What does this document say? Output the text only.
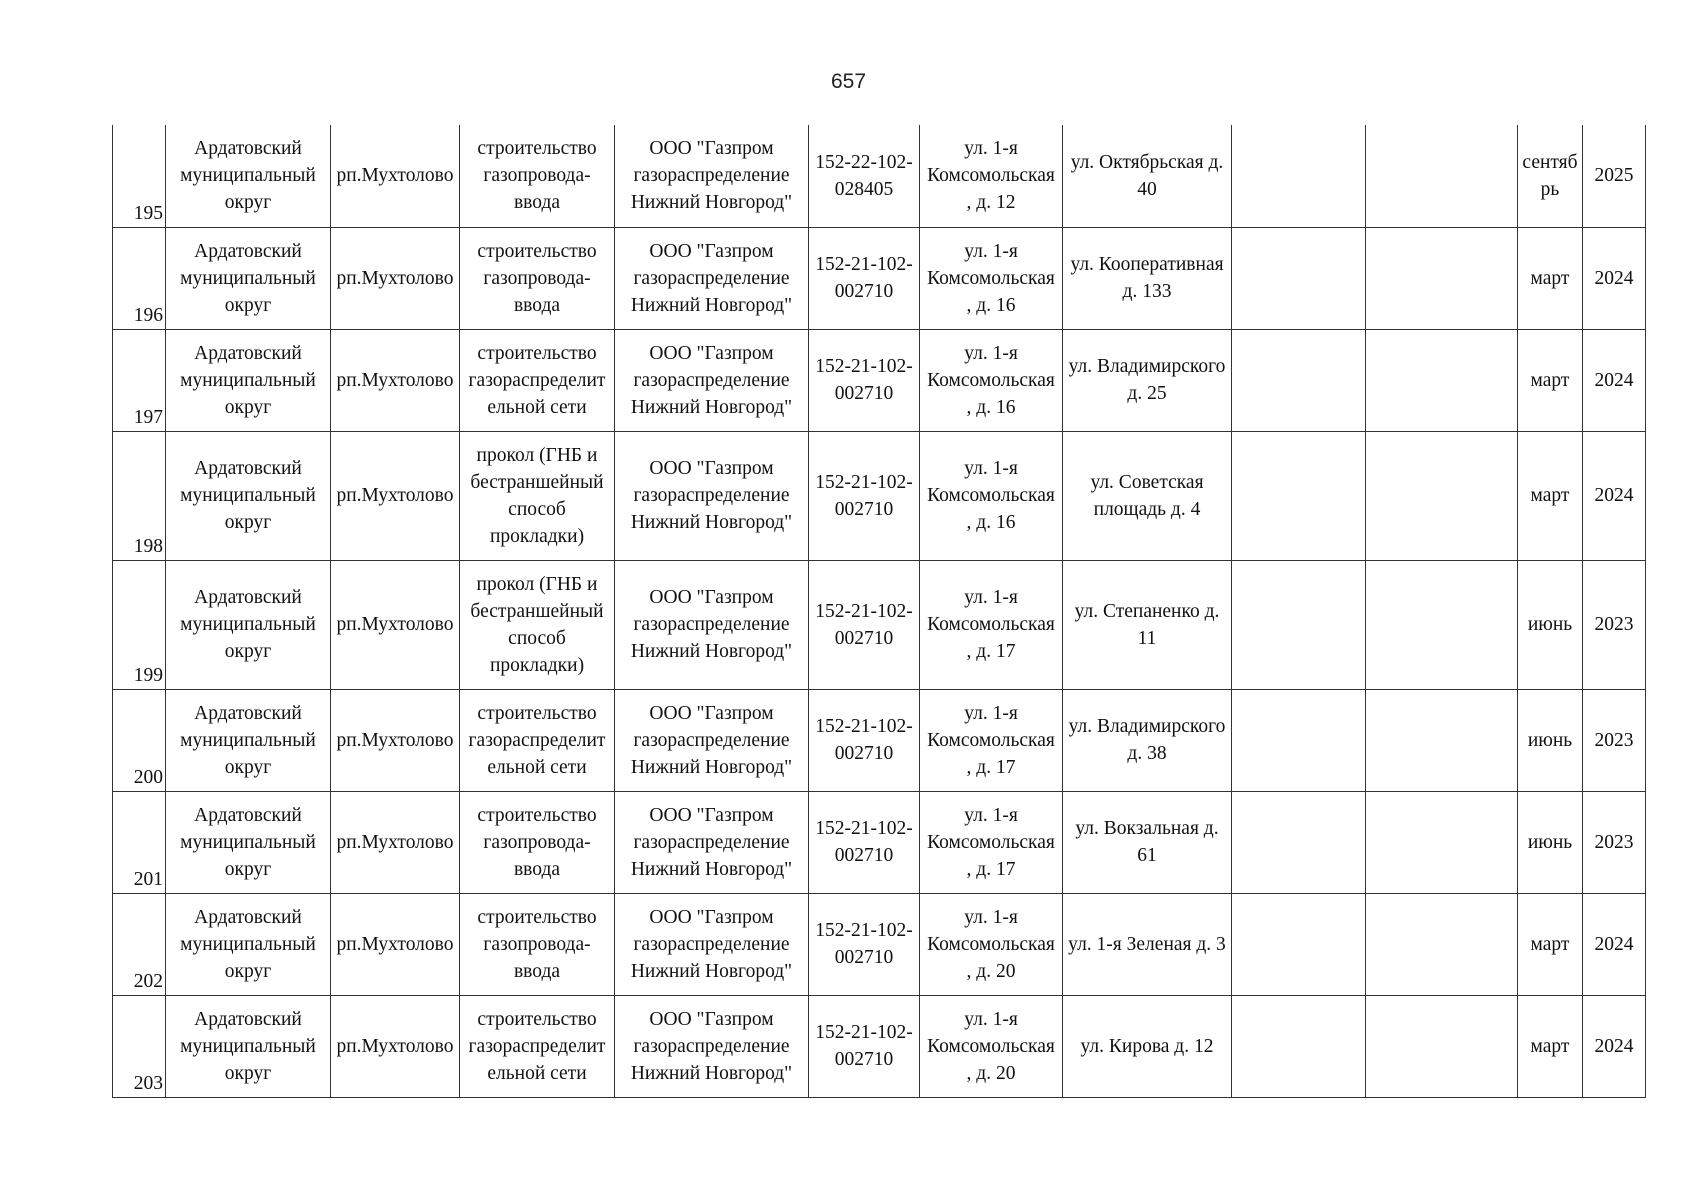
657
195	Ардатовский
муниципальный
округ	рп.Мухтолово	строительство
газопровода-
ввода	ООО "Газпром
газораспределение
Нижний Новгород"	152-22-102-
028405	ул. 1-я
Комсомольская
, д. 12	ул. Октябрьская д.
40			сентяб
рь	2025
196	Ардатовский
муниципальный
округ	рп.Мухтолово	строительство
газопровода-
ввода	ООО "Газпром
газораспределение
Нижний Новгород"	152-21-102-
002710	ул. 1-я
Комсомольская
, д. 16	ул. Кооперативная
д. 133			март	2024
197	Ардатовский
муниципальный
округ	рп.Мухтолово	строительство
газораспределит
ельной сети	ООО "Газпром
газораспределение
Нижний Новгород"	152-21-102-
002710	ул. 1-я
Комсомольская
, д. 16	ул. Владимирского
д. 25			март	2024
198	Ардатовский
муниципальный
округ	рп.Мухтолово	прокол (ГНБ и
бестраншейный
способ
прокладки)	ООО "Газпром
газораспределение
Нижний Новгород"	152-21-102-
002710	ул. 1-я
Комсомольская
, д. 16	ул. Советская
площадь д. 4			март	2024
199	Ардатовский
муниципальный
округ	рп.Мухтолово	прокол (ГНБ и
бестраншейный
способ
прокладки)	ООО "Газпром
газораспределение
Нижний Новгород"	152-21-102-
002710	ул. 1-я
Комсомольская
, д. 17	ул. Степаненко д.
11			июнь	2023
200	Ардатовский
муниципальный
округ	рп.Мухтолово	строительство
газораспределит
ельной сети	ООО "Газпром
газораспределение
Нижний Новгород"	152-21-102-
002710	ул. 1-я
Комсомольская
, д. 17	ул. Владимирского
д. 38			июнь	2023
201	Ардатовский
муниципальный
округ	рп.Мухтолово	строительство
газопровода-
ввода	ООО "Газпром
газораспределение
Нижний Новгород"	152-21-102-
002710	ул. 1-я
Комсомольская
, д. 17	ул. Вокзальная д.
61			июнь	2023
202	Ардатовский
муниципальный
округ	рп.Мухтолово	строительство
газопровода-
ввода	ООО "Газпром
газораспределение
Нижний Новгород"	152-21-102-
002710	ул. 1-я
Комсомольская
, д. 20	ул. 1-я Зеленая д. 3			март	2024
203	Ардатовский
муниципальный
округ	рп.Мухтолово	строительство
газораспределит
ельной сети	ООО "Газпром
газораспределение
Нижний Новгород"	152-21-102-
002710	ул. 1-я
Комсомольская
, д. 20	ул. Кирова д. 12			март	2024
